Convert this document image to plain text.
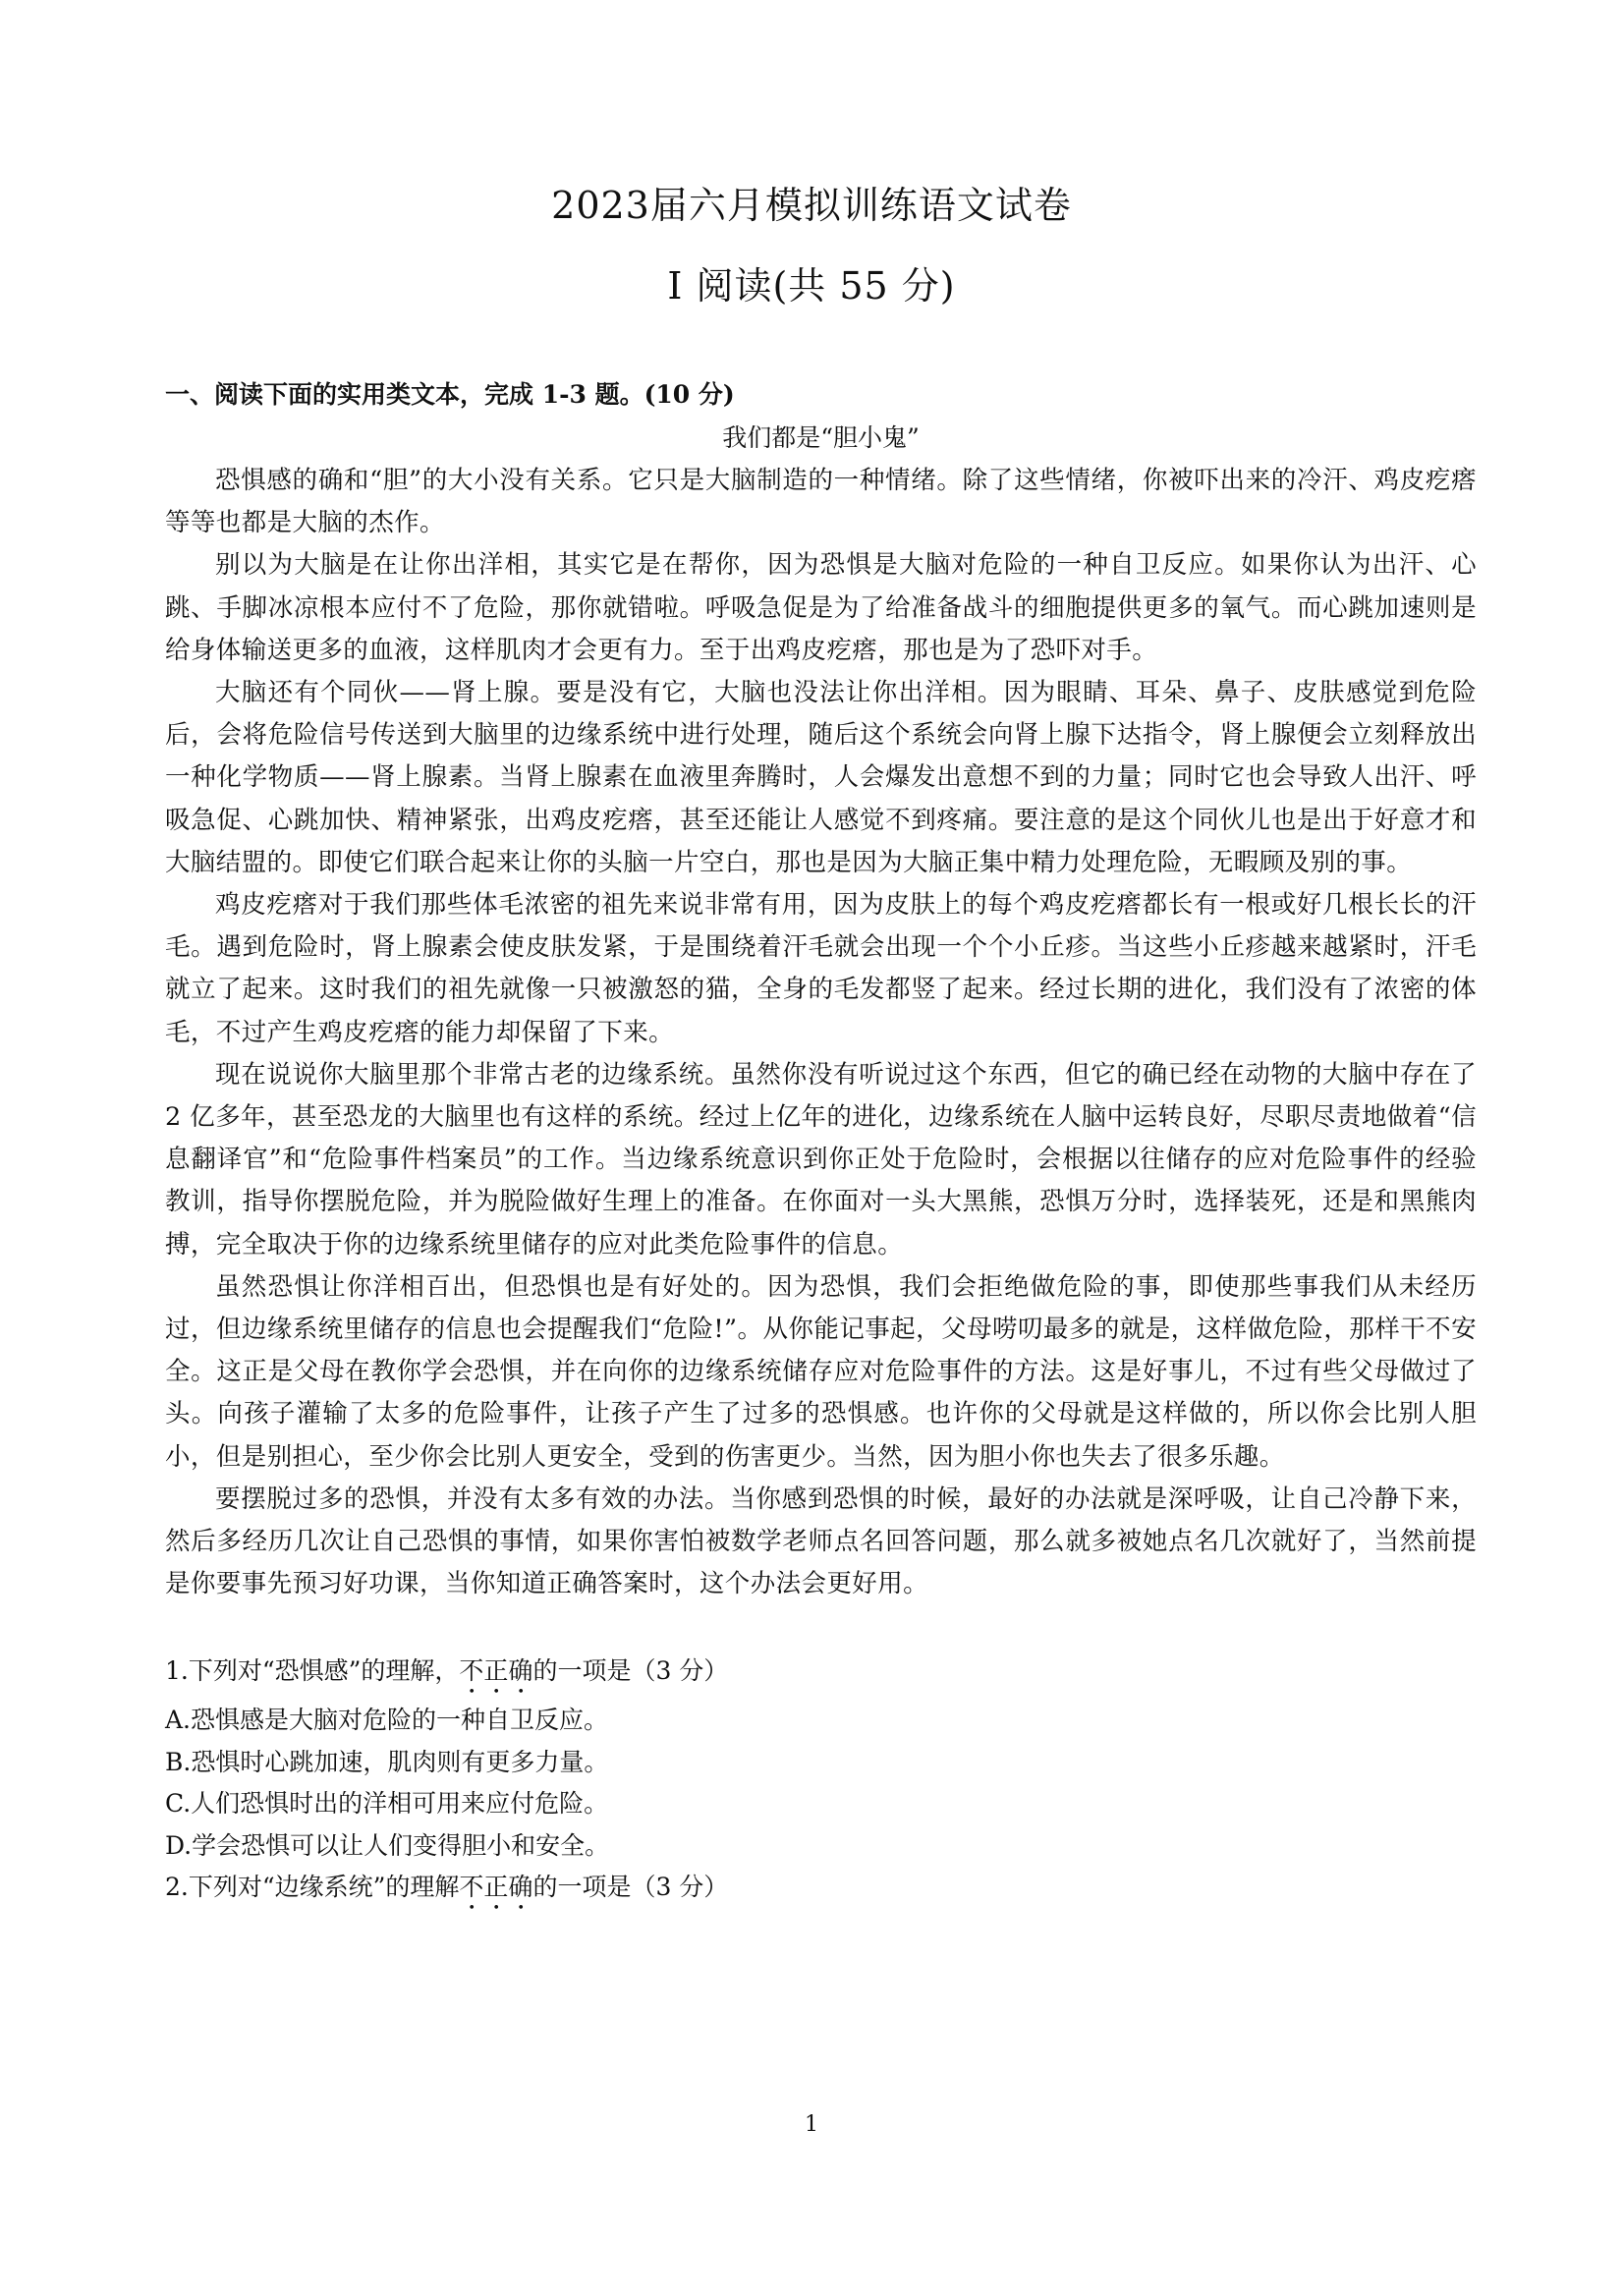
2023届六月模拟训练语文试卷
Ⅰ 阅读(共 55 分)

一、阅读下面的实用类文本，完成 1-3 题。(10 分)

我们都是“胆小鬼”

恐惧感的确和“胆”的大小没有关系。它只是大脑制造的一种情绪。除了这些情绪，你被吓出来的冷汗、鸡皮疙瘩等等也都是大脑的杰作。

别以为大脑是在让你出洋相，其实它是在帮你，因为恐惧是大脑对危险的一种自卫反应。如果你认为出汗、心跳、手脚冰凉根本应付不了危险，那你就错啦。呼吸急促是为了给准备战斗的细胞提供更多的氧气。而心跳加速则是给身体输送更多的血液，这样肌肉才会更有力。至于出鸡皮疙瘩，那也是为了恐吓对手。

大脑还有个同伙——肾上腺。要是没有它，大脑也没法让你出洋相。因为眼睛、耳朵、鼻子、皮肤感觉到危险后，会将危险信号传送到大脑里的边缘系统中进行处理，随后这个系统会向肾上腺下达指令，肾上腺便会立刻释放出一种化学物质——肾上腺素。当肾上腺素在血液里奔腾时，人会爆发出意想不到的力量；同时它也会导致人出汗、呼吸急促、心跳加快、精神紧张，出鸡皮疙瘩，甚至还能让人感觉不到疼痛。要注意的是这个同伙儿也是出于好意才和大脑结盟的。即使它们联合起来让你的头脑一片空白，那也是因为大脑正集中精力处理危险，无暇顾及别的事。

鸡皮疙瘩对于我们那些体毛浓密的祖先来说非常有用，因为皮肤上的每个鸡皮疙瘩都长有一根或好几根长长的汗毛。遇到危险时，肾上腺素会使皮肤发紧，于是围绕着汗毛就会出现一个个小丘疹。当这些小丘疹越来越紧时，汗毛就立了起来。这时我们的祖先就像一只被激怒的猫，全身的毛发都竖了起来。经过长期的进化，我们没有了浓密的体毛，不过产生鸡皮疙瘩的能力却保留了下来。

现在说说你大脑里那个非常古老的边缘系统。虽然你没有听说过这个东西，但它的确已经在动物的大脑中存在了 2 亿多年，甚至恐龙的大脑里也有这样的系统。经过上亿年的进化，边缘系统在人脑中运转良好，尽职尽责地做着“信息翻译官”和“危险事件档案员”的工作。当边缘系统意识到你正处于危险时，会根据以往储存的应对危险事件的经验教训，指导你摆脱危险，并为脱险做好生理上的准备。在你面对一头大黑熊，恐惧万分时，选择装死，还是和黑熊肉搏，完全取决于你的边缘系统里储存的应对此类危险事件的信息。

虽然恐惧让你洋相百出，但恐惧也是有好处的。因为恐惧，我们会拒绝做危险的事，即使那些事我们从未经历过，但边缘系统里储存的信息也会提醒我们“危险!”。从你能记事起，父母唠叨最多的就是，这样做危险，那样干不安全。这正是父母在教你学会恐惧，并在向你的边缘系统储存应对危险事件的方法。这是好事儿，不过有些父母做过了头。向孩子灌输了太多的危险事件，让孩子产生了过多的恐惧感。也许你的父母就是这样做的，所以你会比别人胆小，但是别担心，至少你会比别人更安全，受到的伤害更少。当然，因为胆小你也失去了很多乐趣。

要摆脱过多的恐惧，并没有太多有效的办法。当你感到恐惧的时候，最好的办法就是深呼吸，让自己冷静下来，然后多经历几次让自己恐惧的事情，如果你害怕被数学老师点名回答问题，那么就多被她点名几次就好了，当然前提是你要事先预习好功课，当你知道正确答案时，这个办法会更好用。

1.下列对“恐惧感”的理解，不正确的一项是（3 分）

A.恐惧感是大脑对危险的一种自卫反应。

B.恐惧时心跳加速，肌肉则有更多力量。

C.人们恐惧时出的洋相可用来应付危险。

D.学会恐惧可以让人们变得胆小和安全。

2.下列对“边缘系统”的理解不正确的一项是（3 分）

1
